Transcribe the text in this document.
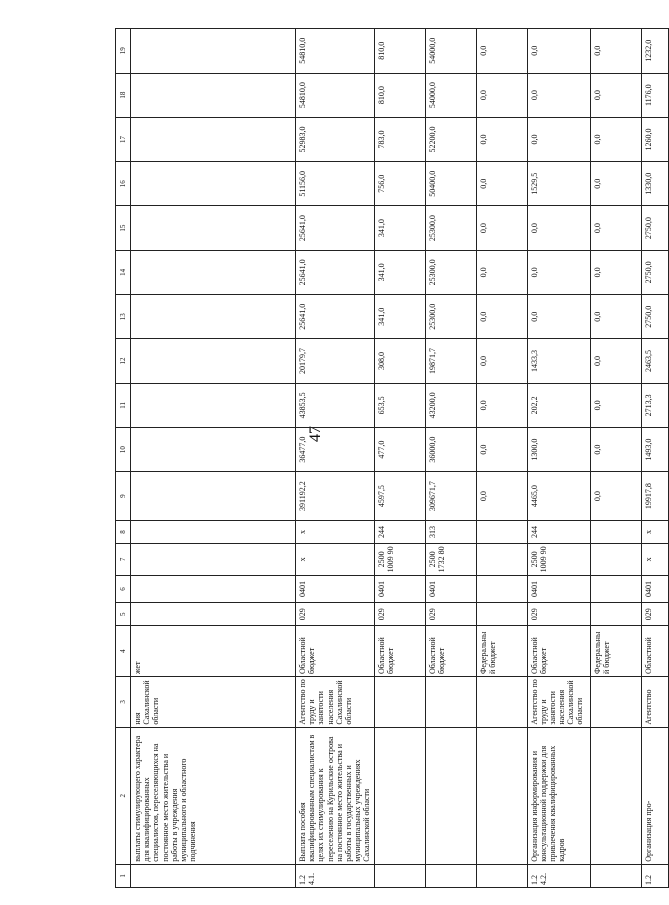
47
1	2	3	4	5	6	7	8	9	10	11	12	13	14	15	16	17	18	19
	выплаты стимулирующего характера для квалифицированных специалистов, переселяющихся на постоянное место жительства и работы в учреждения муниципального и областного подчинения	ния Сахалинской области	жет															
1.2 4.1.	Выплата пособия квалифицированным специалистам в целях их стимулирования к переселению на Курильские острова на постоянное место жительства и работы в государственных и муниципальных учреждениях Сахалинской области	Агентство по труду и занятости населения Сахалинской области	Областной бюджет	029	0401	x	x	391192,2	36477,0	43853,5	20179,7	25641,0	25641,0	25641,0	51156,0	52983,0	54810,0	54810,0
			Областной бюджет	029	0401	2500 1009 90	244	4597,5	477,0	653,5	308,0	341,0	341,0	341,0	756,0	783,0	810,0	810,0
			Областной бюджет	029	0401	2500 1732 80	313	309671,7	36000,0	43200,0	19871,7	25300,0	25300,0	25300,0	50400,0	52200,0	54000,0	54000,0
			Федеральный бюджет					0,0	0,0	0,0	0,0	0,0	0,0	0,0	0,0	0,0	0,0	0,0
1.2 4.2.	Организация информирования и консультационной поддержки для привлечения квалифицированных кадров	Агентство по труду и занятости населения Сахалинской области	Областной бюджет	029	0401	2500 1009 90	244	4465,0	1300,0	202,2	1433,3	0,0	0,0	0,0	1529,5	0,0	0,0	0,0
			Федеральный бюджет					0,0	0,0	0,0	0,0	0,0	0,0	0,0	0,0	0,0	0,0	0,0
1.2	Организация про-	Агентство	Областной	029	0401	x	x	19917,8	1493,0	2713,3	2463,5	2750,0	2750,0	2750,0	1330,0	1260,0	1176,0	1232,0
